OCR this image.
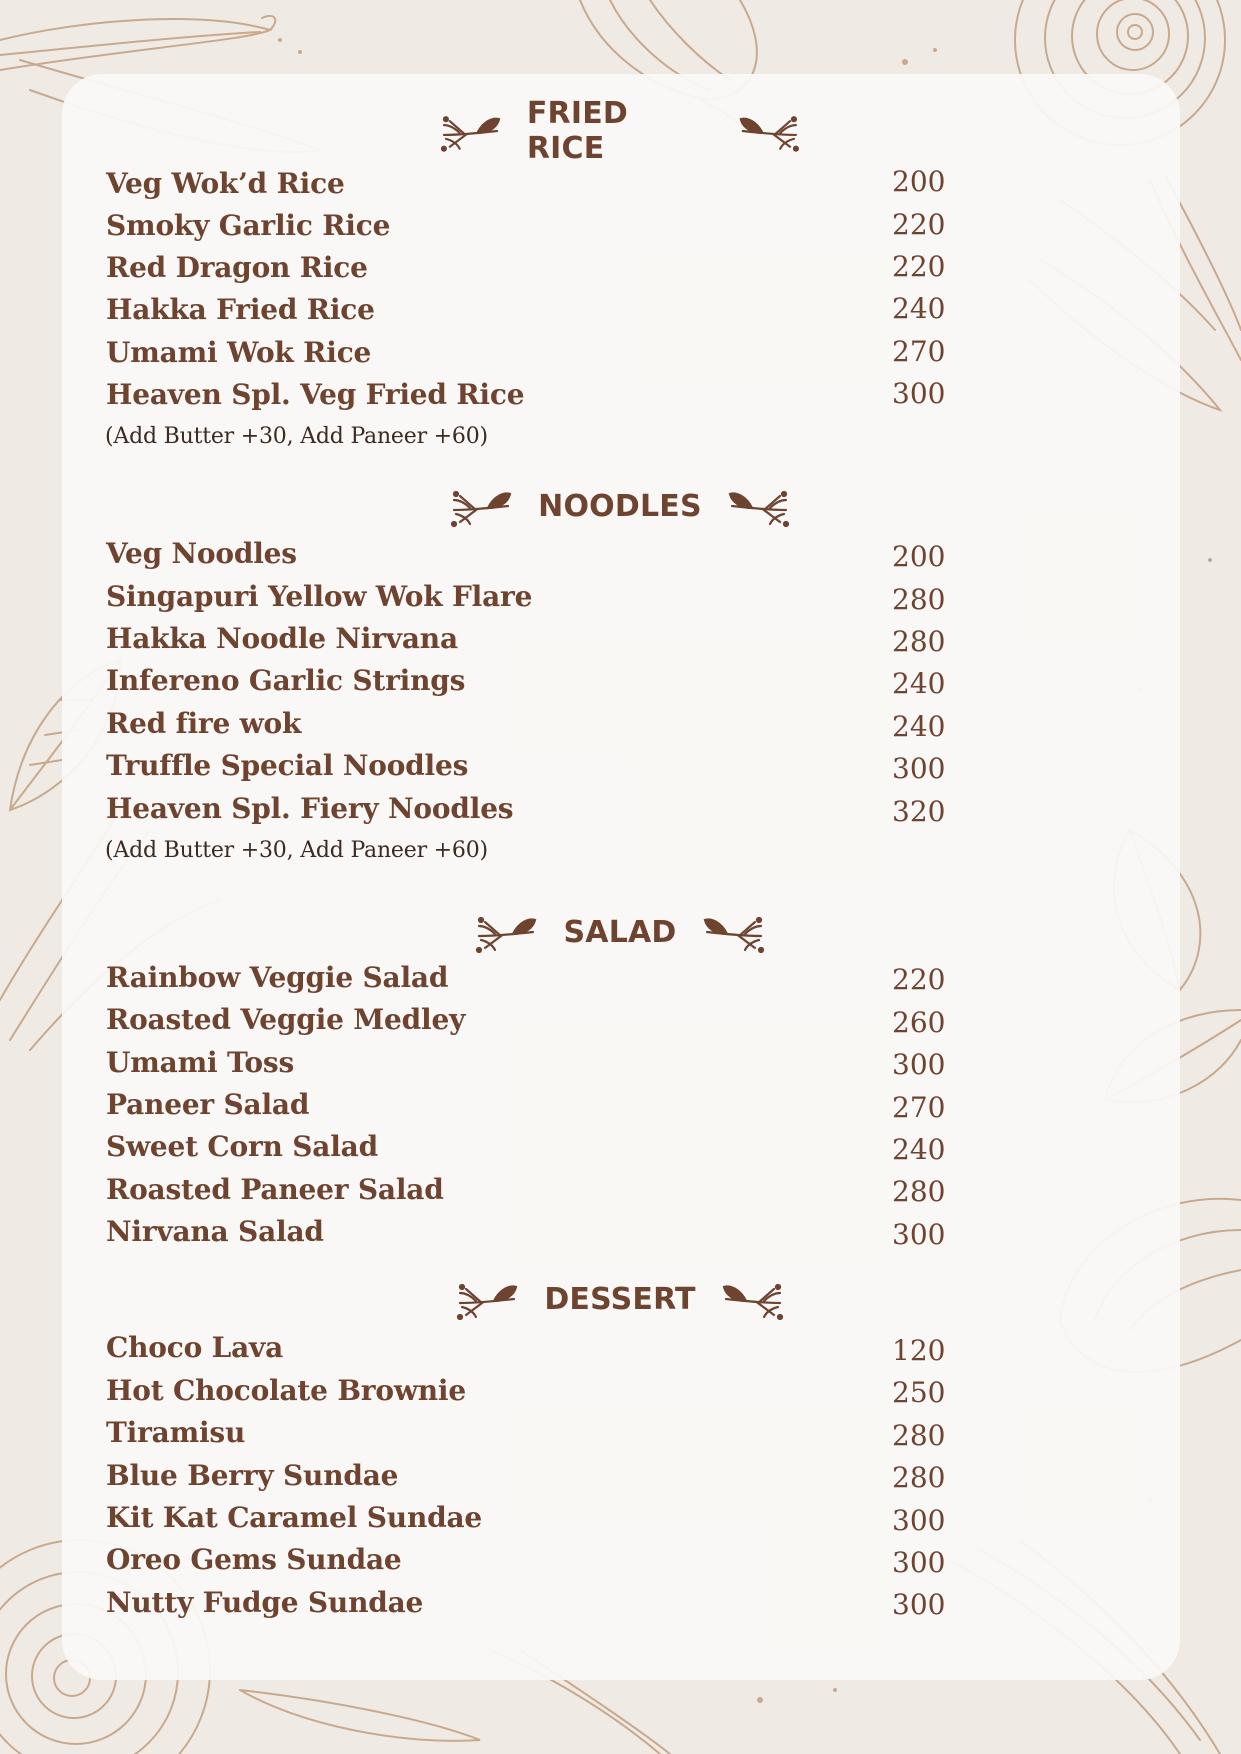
FRIED RICE
Veg Wok’d Rice	200
Smoky Garlic Rice	220
Red Dragon Rice	220
Hakka Fried Rice	240
Umami Wok Rice	270
Heaven Spl. Veg Fried Rice	300
(Add Butter +30, Add Paneer +60)
NOODLES
Veg Noodles	200
Singapuri Yellow Wok Flare	280
Hakka Noodle Nirvana	280
Infereno Garlic Strings	240
Red fire wok	240
Truffle Special Noodles	300
Heaven Spl. Fiery Noodles	320
(Add Butter +30, Add Paneer +60)
SALAD
Rainbow Veggie Salad	220
Roasted Veggie Medley	260
Umami Toss	300
Paneer Salad	270
Sweet Corn Salad	240
Roasted Paneer Salad	280
Nirvana Salad	300
DESSERT
Choco Lava	120
Hot Chocolate Brownie	250
Tiramisu	280
Blue Berry Sundae	280
Kit Kat Caramel Sundae	300
Oreo Gems Sundae	300
Nutty Fudge Sundae	300
